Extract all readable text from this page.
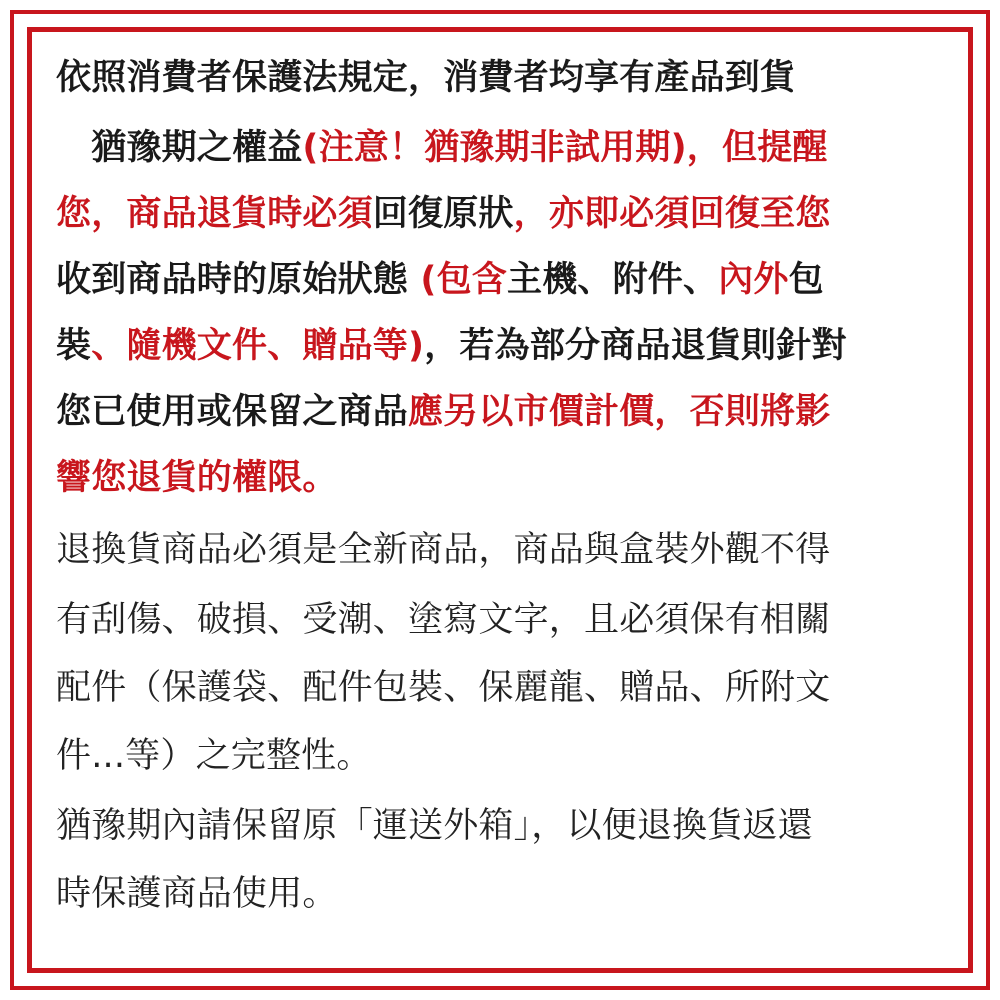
依照消費者保護法規定，消費者均享有產品到貨

　猶豫期之權益(注意！猶豫期非試用期)，但提醒

您，商品退貨時必須回復原狀，亦即必須回復至您

收到商品時的原始狀態 (包含主機、附件、內外包

裝、隨機文件、贈品等)，若為部分商品退貨則針對

您已使用或保留之商品應另以市價計價，否則將影

響您退貨的權限。

退換貨商品必須是全新商品，商品與盒裝外觀不得

有刮傷、破損、受潮、塗寫文字，且必須保有相關

配件（保護袋、配件包裝、保麗龍、贈品、所附文

件...等）之完整性。

猶豫期內請保留原「運送外箱」，以便退換貨返還

時保護商品使用。
